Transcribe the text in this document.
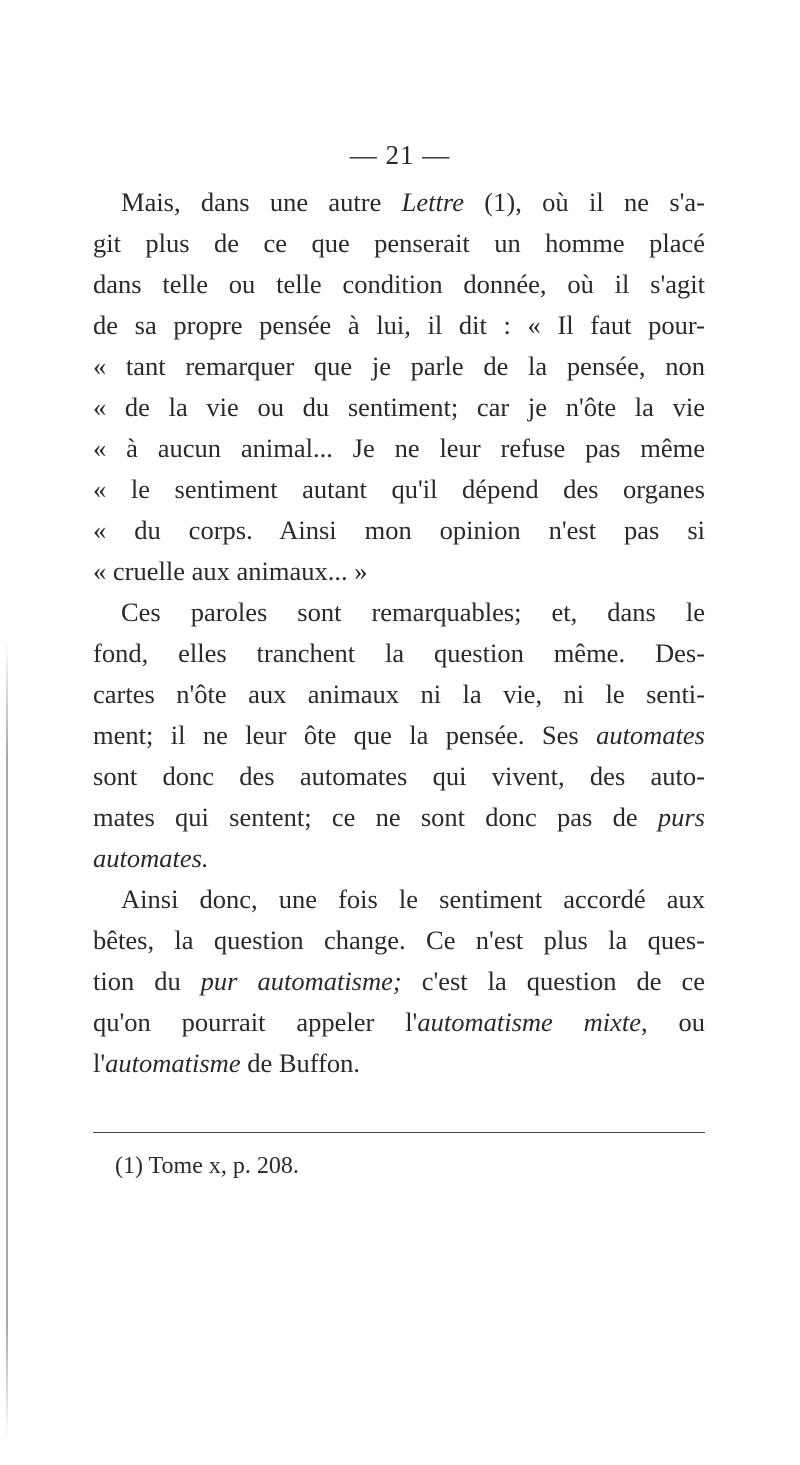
— 21 —
Mais, dans une autre Lettre (1), où il ne s'a-
git plus de ce que penserait un homme placé
dans telle ou telle condition donnée, où il s'agit
de sa propre pensée à lui, il dit : « Il faut pour-
« tant remarquer que je parle de la pensée, non
« de la vie ou du sentiment; car je n'ôte la vie
« à aucun animal... Je ne leur refuse pas même
« le sentiment autant qu'il dépend des organes
« du corps. Ainsi mon opinion n'est pas si
« cruelle aux animaux... »
Ces paroles sont remarquables; et, dans le
fond, elles tranchent la question même. Des-
cartes n'ôte aux animaux ni la vie, ni le senti-
ment; il ne leur ôte que la pensée. Ses automates
sont donc des automates qui vivent, des auto-
mates qui sentent; ce ne sont donc pas de purs
automates.
Ainsi donc, une fois le sentiment accordé aux
bêtes, la question change. Ce n'est plus la ques-
tion du pur automatisme; c'est la question de ce
qu'on pourrait appeler l'automatisme mixte, ou
l'automatisme de Buffon.
(1) Tome x, p. 208.
